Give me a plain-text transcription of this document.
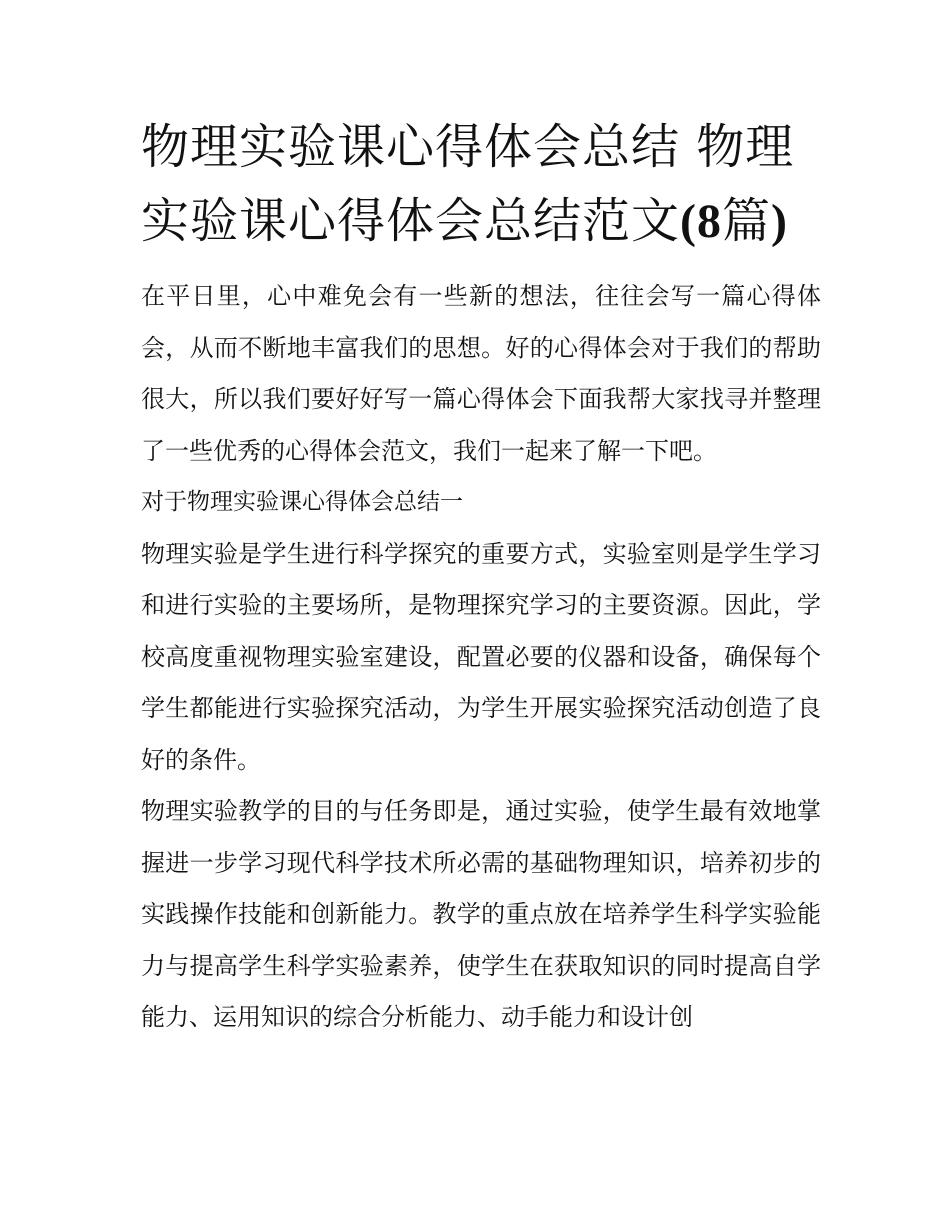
物理实验课心得体会总结 物理实验课心得体会总结范文(8篇)

在平日里，心中难免会有一些新的想法，往往会写一篇心得体会，从而不断地丰富我们的思想。好的心得体会对于我们的帮助很大，所以我们要好好写一篇心得体会下面我帮大家找寻并整理了一些优秀的心得体会范文，我们一起来了解一下吧。

对于物理实验课心得体会总结一

物理实验是学生进行科学探究的重要方式，实验室则是学生学习和进行实验的主要场所，是物理探究学习的主要资源。因此，学校高度重视物理实验室建设，配置必要的仪器和设备，确保每个学生都能进行实验探究活动，为学生开展实验探究活动创造了良好的条件。

物理实验教学的目的与任务即是，通过实验，使学生最有效地掌握进一步学习现代科学技术所必需的基础物理知识，培养初步的实践操作技能和创新能力。教学的重点放在培养学生科学实验能力与提高学生科学实验素养，使学生在获取知识的同时提高自学能力、运用知识的综合分析能力、动手能力和设计创
